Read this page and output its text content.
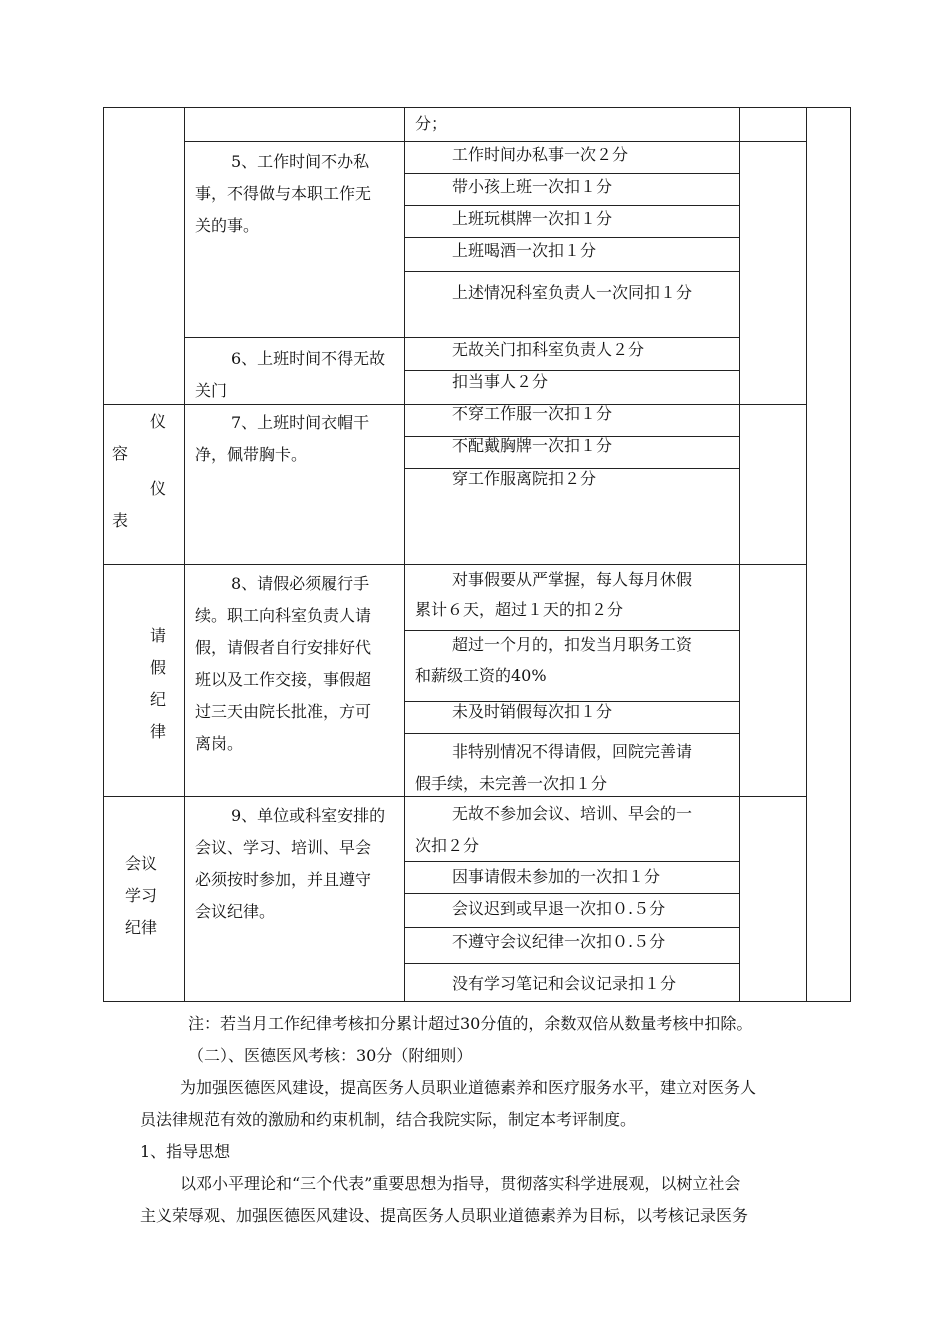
分；
5、工作时间不办私
事，不得做与本职工作无
关的事。
工作时间办私事一次２分
带小孩上班一次扣１分
上班玩棋牌一次扣１分
上班喝酒一次扣１分
上述情况科室负责人一次同扣１分
6、上班时间不得无故
关门
无故关门扣科室负责人２分
扣当事人２分
仪
容
仪
表
7、上班时间衣帽干
净，佩带胸卡。
不穿工作服一次扣１分
不配戴胸牌一次扣１分
穿工作服离院扣２分
请
假
纪
律
8、请假必须履行手
续。职工向科室负责人请
假，请假者自行安排好代
班以及工作交接，事假超
过三天由院长批准，方可
离岗。
对事假要从严掌握，每人每月休假
累计６天，超过１天的扣２分
超过一个月的，扣发当月职务工资
和薪级工资的40%
未及时销假每次扣１分
非特别情况不得请假，回院完善请
假手续，未完善一次扣１分
会议
学习
纪律
9、单位或科室安排的
会议、学习、培训、早会
必须按时参加，并且遵守
会议纪律。
无故不参加会议、培训、早会的一
次扣２分
因事请假未参加的一次扣１分
会议迟到或早退一次扣０.５分
不遵守会议纪律一次扣０.５分
没有学习笔记和会议记录扣１分
注：若当月工作纪律考核扣分累计超过30分值的，余数双倍从数量考核中扣除。
（二）、医德医风考核：30分（附细则）
为加强医德医风建设，提高医务人员职业道德素养和医疗服务水平，建立对医务人
员法律规范有效的激励和约束机制，结合我院实际，制定本考评制度。
1、指导思想
以邓小平理论和“三个代表”重要思想为指导，贯彻落实科学进展观，以树立社会
主义荣辱观、加强医德医风建设、提高医务人员职业道德素养为目标，以考核记录医务
